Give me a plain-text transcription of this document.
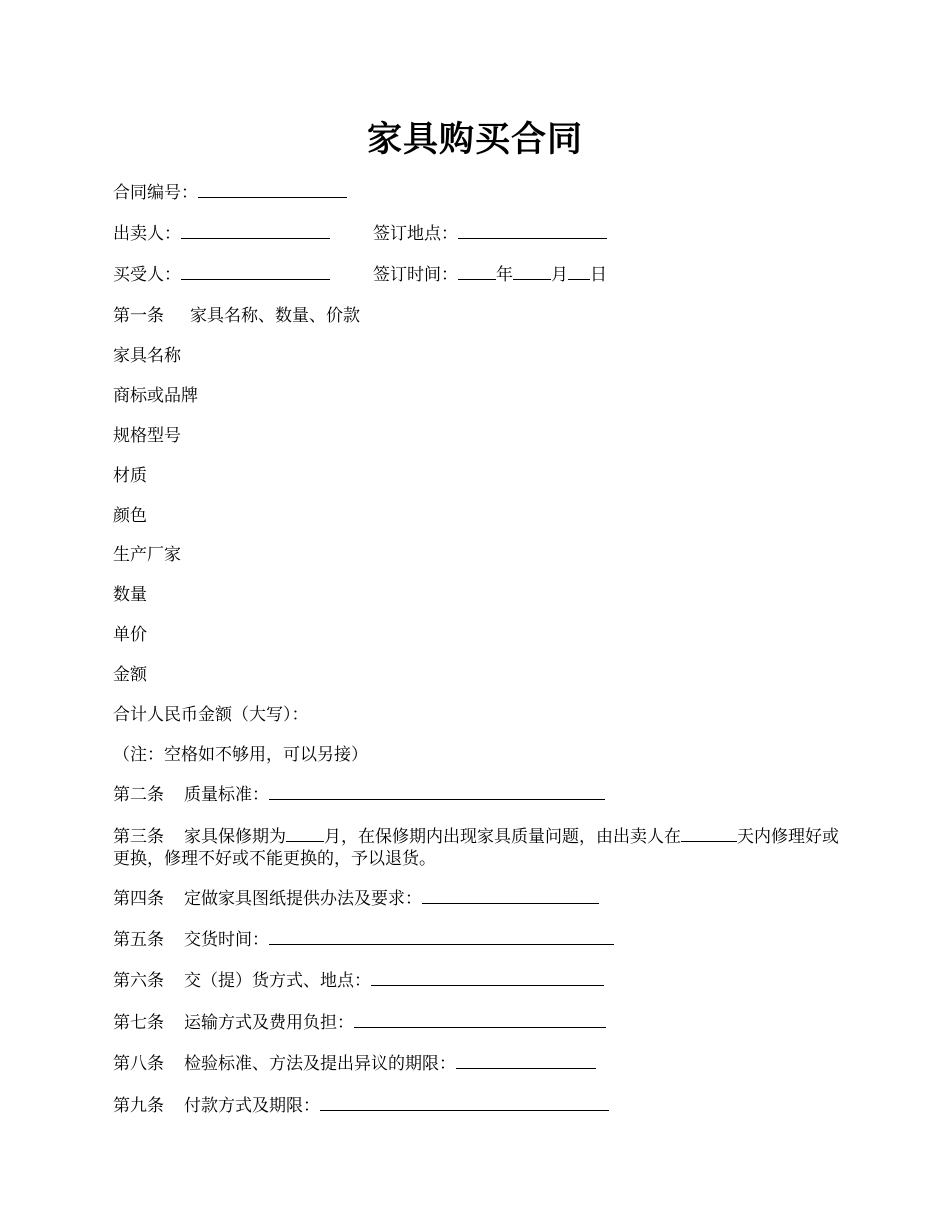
家具购买合同
合同编号：
出卖人：	签订地点：
买受人：	签订时间： 年 月 日
第一条 家具名称、数量、价款
家具名称
商标或品牌
规格型号
材质
颜色
生产厂家
数量
单价
金额
合计人民币金额（大写）：
（注：空格如不够用，可以另接）
第二条 质量标准：
第三条 家具保修期为 月，在保修期内出现家具质量问题，由出卖人在	天内修理好或更换，修理不好或不能更换的，予以退货。
第四条 定做家具图纸提供办法及要求：
第五条 交货时间：
第六条 交（提）货方式、地点：
第七条 运输方式及费用负担：
第八条 检验标准、方法及提出异议的期限：
第九条 付款方式及期限：
